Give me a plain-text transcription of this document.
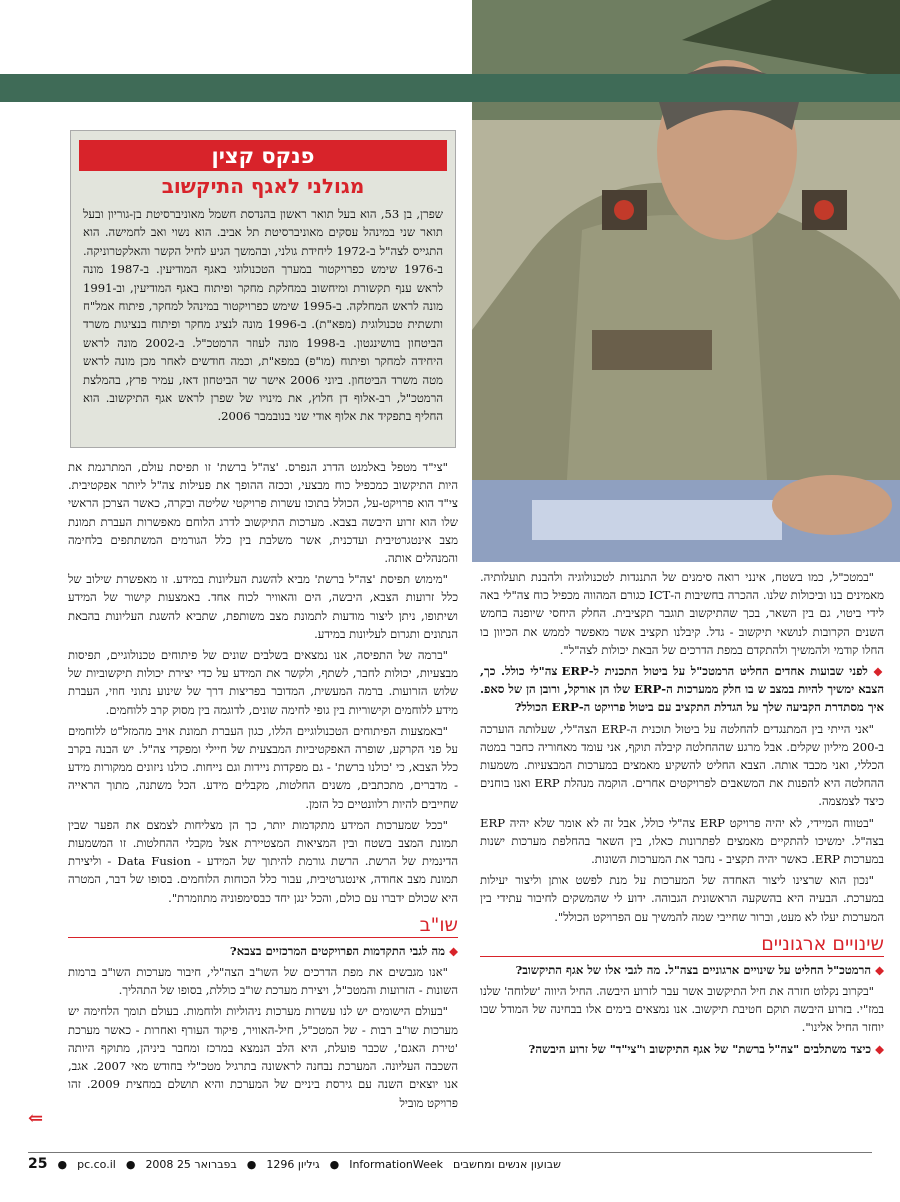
פנקס קצין
מגולני לאגף התיקשוב
שפרן, בן 53, הוא בעל תואר ראשון בהנדסת חשמל מאוניברסיטת בן-גוריון ובעל תואר שני במינהל עסקים מאוניברסיטת תל אביב. הוא נשוי ואב לחמישה. הוא התגייס לצה"ל ב-1972 ליחידת גולני, ובהמשך הגיע לחיל הקשר והאלקטרוניקה. ב-1976 שימש כפרויקטור במערך הטכנולוגי באגף המודיעין. ב-1987 מונה לראש ענף תקשורת ומיחשוב במחלקת מחקר ופיתוח באגף המודיעין, וב-1991 מונה לראש המחלקה. ב-1995 שימש כפרויקטור במינהל למחקר, פיתוח אמל"ח ותשתית טכנולוגית (מפא"ת). ב-1996 מונה לנציג מחקר ופיתוח בנציגות משרד הביטחון בוושינגטון. ב-1998 מונה לעוזר הרמטכ"ל. ב-2002 מונה לראש היחידה למחקר ופיתוח (מו"פ) במפא"ת, וכמה חודשים לאחר מכן מונה לראש מטה משרד הביטחון. ביוני 2006 אישר שר הביטחון דאז, עמיר פרץ, בהמלצת הרמטכ"ל, רב-אלוף דן חלוץ, את מינויו של שפרן לראש אגף התיקשוב. הוא החליף בתפקיד את אלוף אודי שני בנובמבר 2006.

"צי"ד מטפל באלמנט הדרג הנפרס. 'צה"ל ברשת' זו תפיסת עולם, המתרגמת את היות התיקשוב כמכפיל כוח מבצעי, וככזה ההופך את פעילות צה"ל ליותר אפקטיבית. צי"ד הוא פרויקט-על, הכולל בתוכו עשרות פרויקטי שליטה ובקרה, כאשר הצרכן הראשי שלו הוא זרוע היבשה בצבא. מערכות התיקשוב לדרג הלוחם מאפשרות העברת תמונת מצב אינטגרטיבית ועדכנית, אשר משלבת בין כלל הגורמים המשתתפים בלחימה והמנהלים אותה.

"מימוש תפיסת 'צה"ל ברשת' מביא להשגת העליונות במידע. זו מאפשרת שילוב של כלל זרועות הצבא, היבשה, הים והאוויר לכוח אחד. באמצעות קישור של המידע ושיתופו, ניתן ליצור מודעות לתמונת מצב משותפת, שתביא להשגת העליונות בהבאת הנתונים ותגרום לעליונות במידע.

"ברמה של התפיסה, אנו נמצאים בשלבים שונים של פיתוחים טכנולוגיים, תפיסות מבצעיות, יכולות לחבר, לשתף, ולקשר את המידע על כדי יצירת יכולות תיקשוביות של שלוש הזרועות. ברמה המעשית, המדובר בפריצות דרך של שינוע נתוני חוזי, העברת מידע ללוחמים וקישוריות בין גופי לחימה שונים, לדוגמה בין מסוק קרב ללוחמים.

"באמצעות הפיתוחים הטכנולוגיים הללו, כגון העברת תמונת אויב מהמזל"ט ללוחמים על פני הקרקע, שופרה האפקטיביות המבצעית של חיילי ומפקדי צה"ל. יש הבנה בקרב כלל הצבא, כי 'כולנו ברשת' - גם מפקדות ניידות וגם נייחות. כולנו ניזונים ממקורות מידע - מדברים, מתכתבים, משנים החלטות, מקבלים מידע. הכל משתנה, מתוך הראייה שחייבים להיות רלוונטיים כל הזמן.

"ככל שמערכות המידע מתקדמות יותר, כך הן מצליחות לצמצם את הפער שבין תמונת המצב בשטח ובין המציאות המצטיירת אצל מקבלי ההחלטות. זו המשמעות הדינמית של הרשת. הרשת גורמת להיתוך של המידע - Data Fusion - וליצירת תמונת מצב אחודה, אינטגרטיבית, עבור כלל הכוחות הלוחמים. בסופו של דבר, המטרה היא שכולם ידברו עם כולם, והכל ינגן יחד כבסימפוניה מתוזמרת".

שו"ב

◆ מה לגבי התקדמות הפרויקטים המרכזיים בצבא?

"אנו מגבשים את מפת הדרכים של השו"ב הצה"לי, חיבור מערכות השו"ב ברמות השונות - הזרועות והמטכ"ל, ויצירת מערכת שו"ב כוללת, בסופו של התהליך.

"בעולם הישומים יש לנו עשרות מערכות ניהוליות ולוחמות. בעולם תומך הלחימה יש מערכות שו"ב רבות - של המטכ"ל, חיל-האוויר, פיקוד העורף ואחרות - כאשר מערכת 'טירת האגם', שכבר פועלת, היא הלב הנמצא במרכז ומחבר ביניהן, מתוקף היותה השכבה העליונה. המערכת נבחנה לראשונה בתרגיל מטכ"לי בחודש מאי 2007. אגב, אנו יוצאים השנה עם גירסת ביניים של המערכת והיא תושלם במחצית 2009. זהו פרויקט מוביל

"במטכ"ל, כמו בשטח, אינני רואה סימנים של התנגדות לטכנולוגיה ולהבנת תועלותיה. מאמינים בנו וביכולות שלנו. ההכרה בחשיבות ה-ICT כגורם המהווה מכפיל כוח צה"לי באה לידי ביטוי, גם בין השאר, בכך שהתיקשוב תוגבר תקציבית. החלק היחסי שיופנה בחמש השנים הקרובות לנושאי תיקשוב - גדל. קיבלנו תקציב אשר מאפשר לממש את הכיוון בו החלו קודמי ולהמשיך ולהתקדם במפת הדרכים של הבאת יכולות לצה"ל".

◆ לפני שבועות אחדים החליט הרמטכ"ל על ביטול התכנית ל-ERP צה"לי כולל. כך, הצבא ימשיך להיות במצב ש בו חלק ממערכות ה-ERP שלו הן אורקל, ורובן הן של סאפ. איך מסתדרת הקביעה שלך על הגדלת התקציב עם ביטול פרויקט ה-ERP הכולל?

"אני הייתי בין המתנגדים להחלטה על ביטול תוכנית ה-ERP הצה"לי, שעלותה הוערכה ב-200 מיליון שקלים. אבל מרגע שההחלטה קיבלה תוקף, אני עומד מאחוריה כחבר במטה הכללי, ואני מכבד אותה. הצבא החליט להשקיע מאמצים במערכות המבצעיות. משמעות ההחלטה היא להפנות את המשאבים לפרויקטים אחרים. הוקמה מנהלת ERP ואנו בוחנים כיצד לצמצמה.

"בטווח המיידי, לא יהיה פרויקט ERP צה"לי כולל, אבל זה לא אומר שלא יהיה ERP בצה"ל. ימשיכו להתקיים מאמצים לפתרונות כאלו, בין השאר בהחלפת מערכות ישנות במערכות ERP. כאשר יהיה תקציב - נחבר את המערכות השונות.

"נכון הוא שרצינו ליצור האחדה של המערכות על מנת לפשט אותן וליצור יעילות במערכת. הבעיה היא בהשקעה הראשונית הגבוהה. ידוע לי שהמשקים לחיבור עתידי בין המערכות יעלו לא מעט, וברור שחייבי שמה להמשיך עם הפרויקט הכולל".

שינויים ארגוניים

◆ הרמטכ"ל החליט על שינויים ארגוניים בצה"ל. מה לגבי אלו של אגף התיקשוב?

"בקרוב נקלוט חזרה את חיל התיקשוב אשר עבר לזרוע היבשה. החיל היווה 'שלוחה' שלנו במז"י. בזרוע היבשה תוקם חטיבת תיקשוב. אנו נמצאים בימים אלו בבחינה של המודל שבו יוחזר החיל אלינו".

◆ כיצד משתלבים "צה"ל ברשת" של אגף התיקשוב ו"צי"ד" של זרוע היבשה?

⇐
25 ● pc.co.il ● 2008 בפברואר 25 ● 1296 גיליון ● InformationWeek שבועון אנשים ומחשבים
